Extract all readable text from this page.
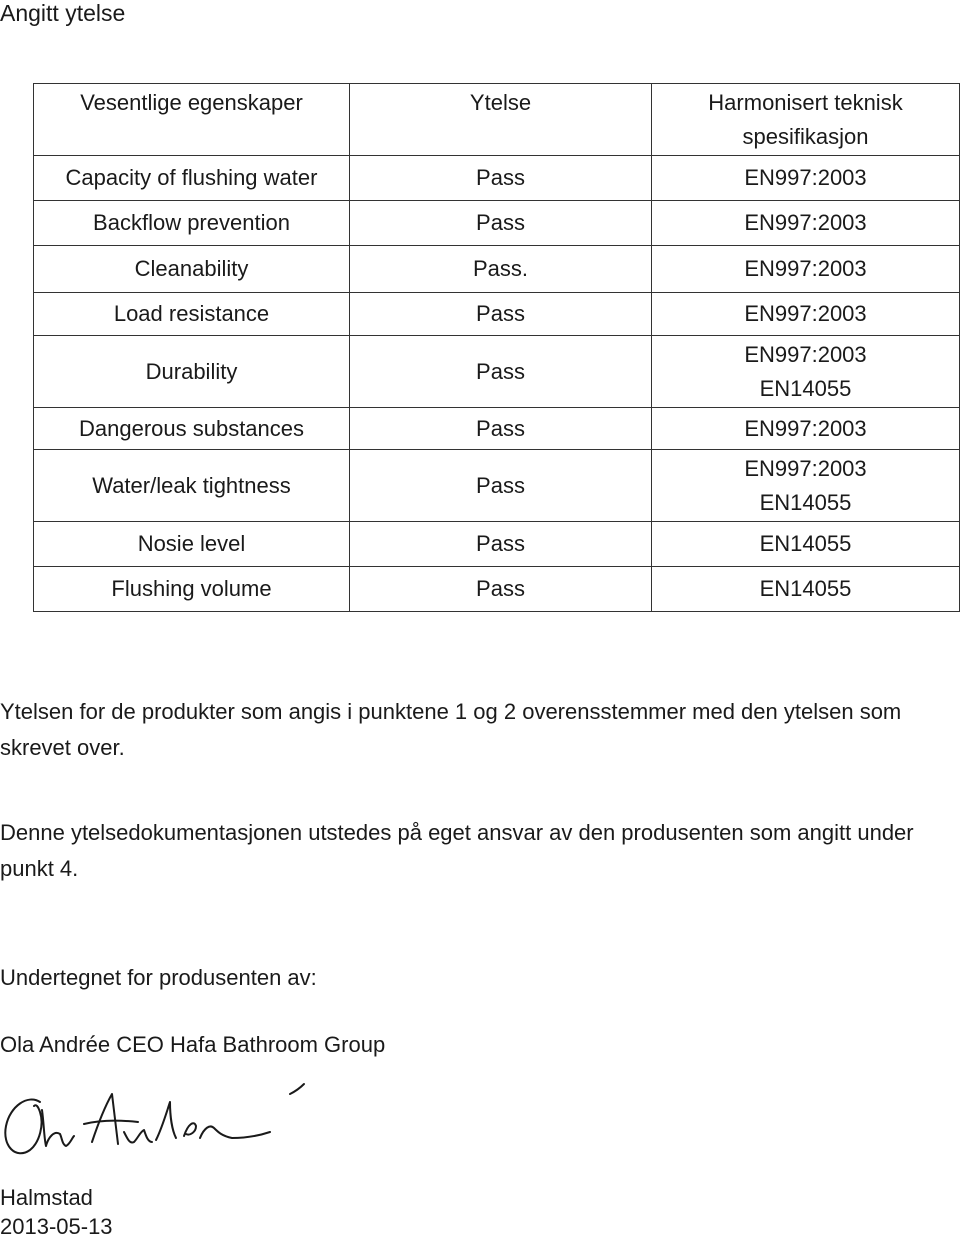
Angitt ytelse
Vesentlige egenskaper	Ytelse	Harmonisert teknisk
spesifikasjon

Capacity of flushing water	Pass	EN997:2003

Backflow prevention	Pass	EN997:2003

Cleanability	Pass.	EN997:2003

Load resistance	Pass	EN997:2003

Durability	Pass	EN997:2003
EN14055

Dangerous substances	Pass	EN997:2003

Water/leak tightness	Pass	EN997:2003
EN14055

Nosie level	Pass	EN14055

Flushing volume	Pass	EN14055

Ytelsen for de produkter som angis i punktene 1 og 2 overensstemmer med den ytelsen som skrevet over.

Denne ytelsedokumentasjonen utstedes på eget ansvar av den produsenten som angitt under punkt 4.

Undertegnet for produsenten av:

Ola Andrée CEO Hafa Bathroom Group

Halmstad

2013-05-13
